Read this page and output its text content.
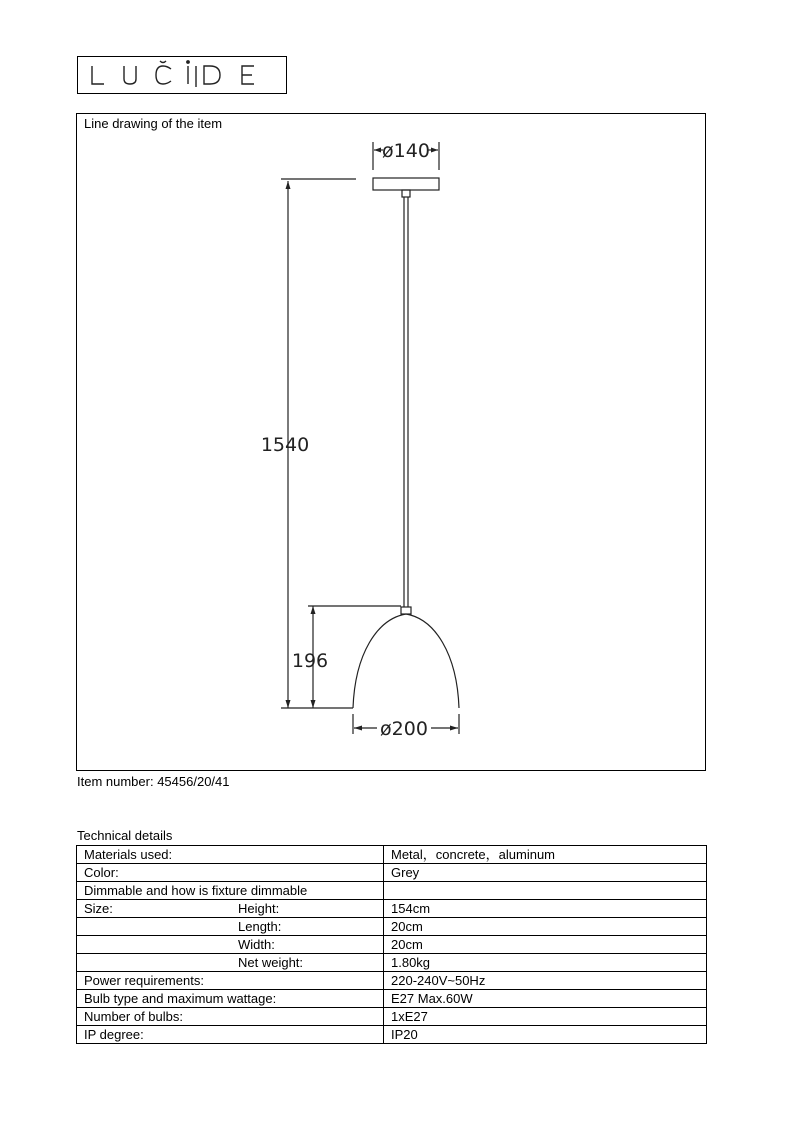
Line drawing of the item
ø140
1540
196
ø200
Item number: 45456/20/41
Technical details
Materials used:	Metal，concrete，aluminum
Color:	Grey
Dimmable and how is fixture dimmable

Size: Height:	154cm

Length:	20cm

Width:	20cm

Net weight:	1.80kg
Power requirements:	220-240V~50Hz
Bulb type and maximum wattage:	E27 Max.60W
Number of bulbs:	1xE27
IP degree:	IP20
